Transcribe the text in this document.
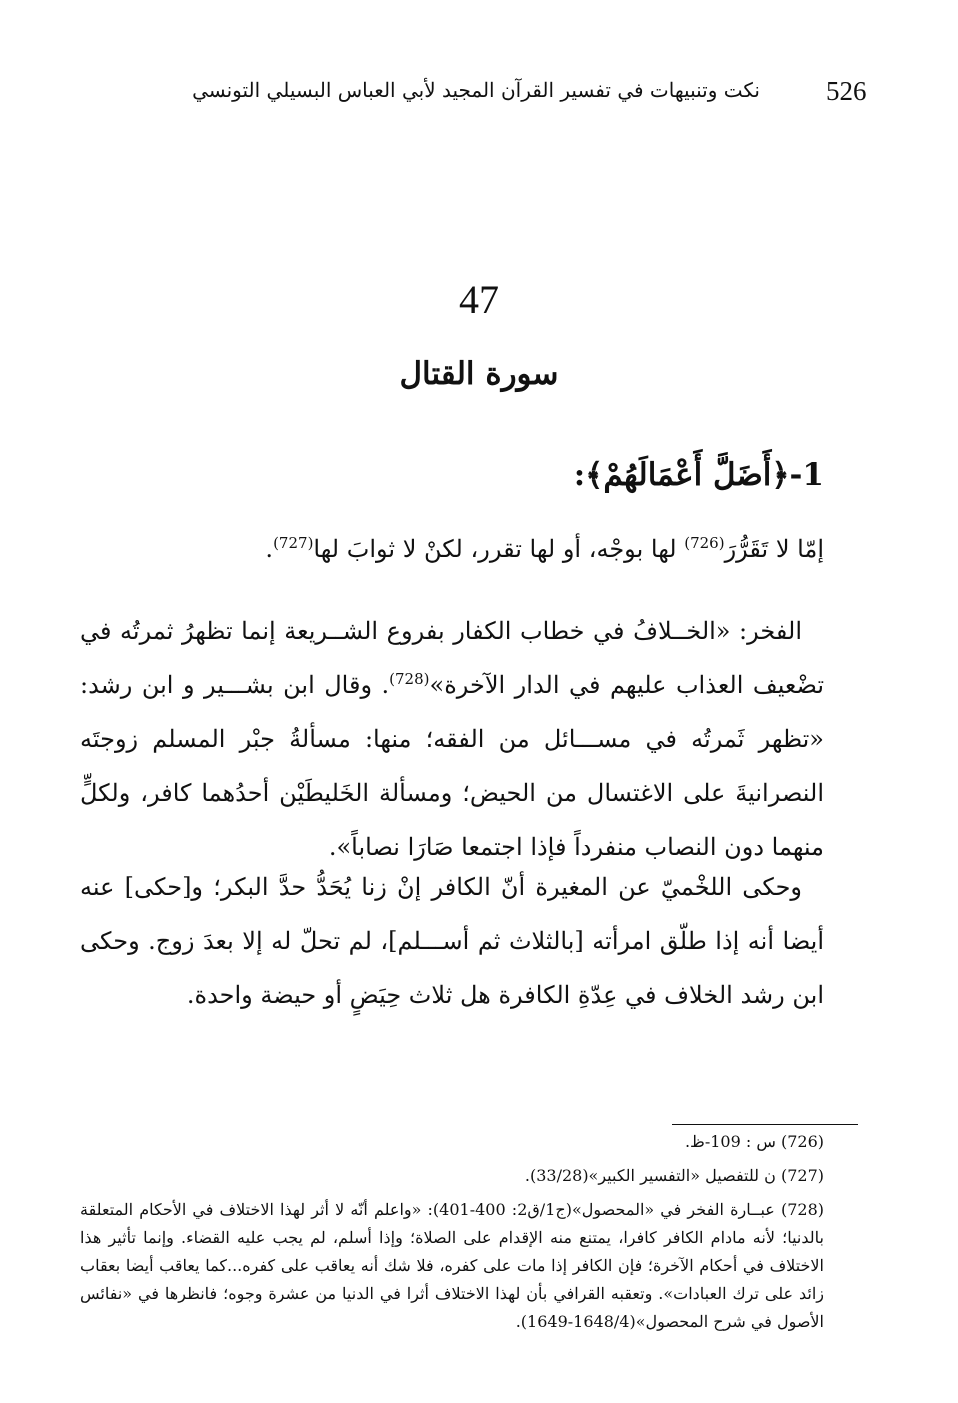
526
نكت وتنبيهات في تفسير القرآن المجيد لأبي العباس البسيلي التونسي
47
سورة القتال
1-﴿أَضَلَّ أَعْمَالَهُمْ﴾:

إمّا لا تَقَرُّرَ$^{(726)}$ لها بوجْه، أو لها تقرر، لكنْ لا ثوابَ لها$^{(727)}$.

الفخر: «الخــلافُ في خطاب الكفار بفروع الشــريعة إنما تظهرُ ثمرتُه في تضْعيف العذاب عليهم في الدار الآخرة»$^{(728)}$. وقال ابن بشـــير و ابن رشد: «تظهر ثَمرتُه في مســـائل من الفقه؛ منها: مسألةُ جبْر المسلم زوجتَه النصرانيةَ على الاغتسال من الحيض؛ ومسألة الخَليطَيْن أحدُهما كافر، ولكلٍّ منهما دون النصاب منفرداً فإذا اجتمعا صَارَا نصاباً».

وحكى اللخْميّ عن المغيرة أنّ الكافر إنْ زنا يُحَدُّ حدَّ البكر؛ و[حكى] عنه أيضا أنه إذا طلّق امرأته [بالثلاث ثم أســـلم]، لم تحلّ له إلا بعدَ زوج. وحكى ابن رشد الخلاف في عِدّةِ الكافرة هل ثلاث حِيَضٍ أو حيضة واحدة.

(726) س : 109-ظ.

(727) ن للتفصيل «التفسير الكبير»(33/28).

(728) عبــارة الفخر في «المحصول»(ج1/ق2: 400-401): «واعلم أنّه لا أثر لهذا الاختلاف في الأحكام المتعلقة بالدنيا؛ لأنه مادام الكافر كافرا، يمتنع منه الإقدام على الصلاة؛ وإذا أسلم، لم يجب عليه القضاء. وإنما تأثير هذا الاختلاف في أحكام الآخرة؛ فإن الكافر إذا مات على كفره، فلا شك أنه يعاقب على كفره...كما يعاقب أيضا بعقاب زائد على ترك العبادات». وتعقبه القرافي بأن لهذا الاختلاف أثرا في الدنيا من عشرة وجوه؛ فانظرها في «نفائس الأصول في شرح المحصول»(1648/4-1649).
